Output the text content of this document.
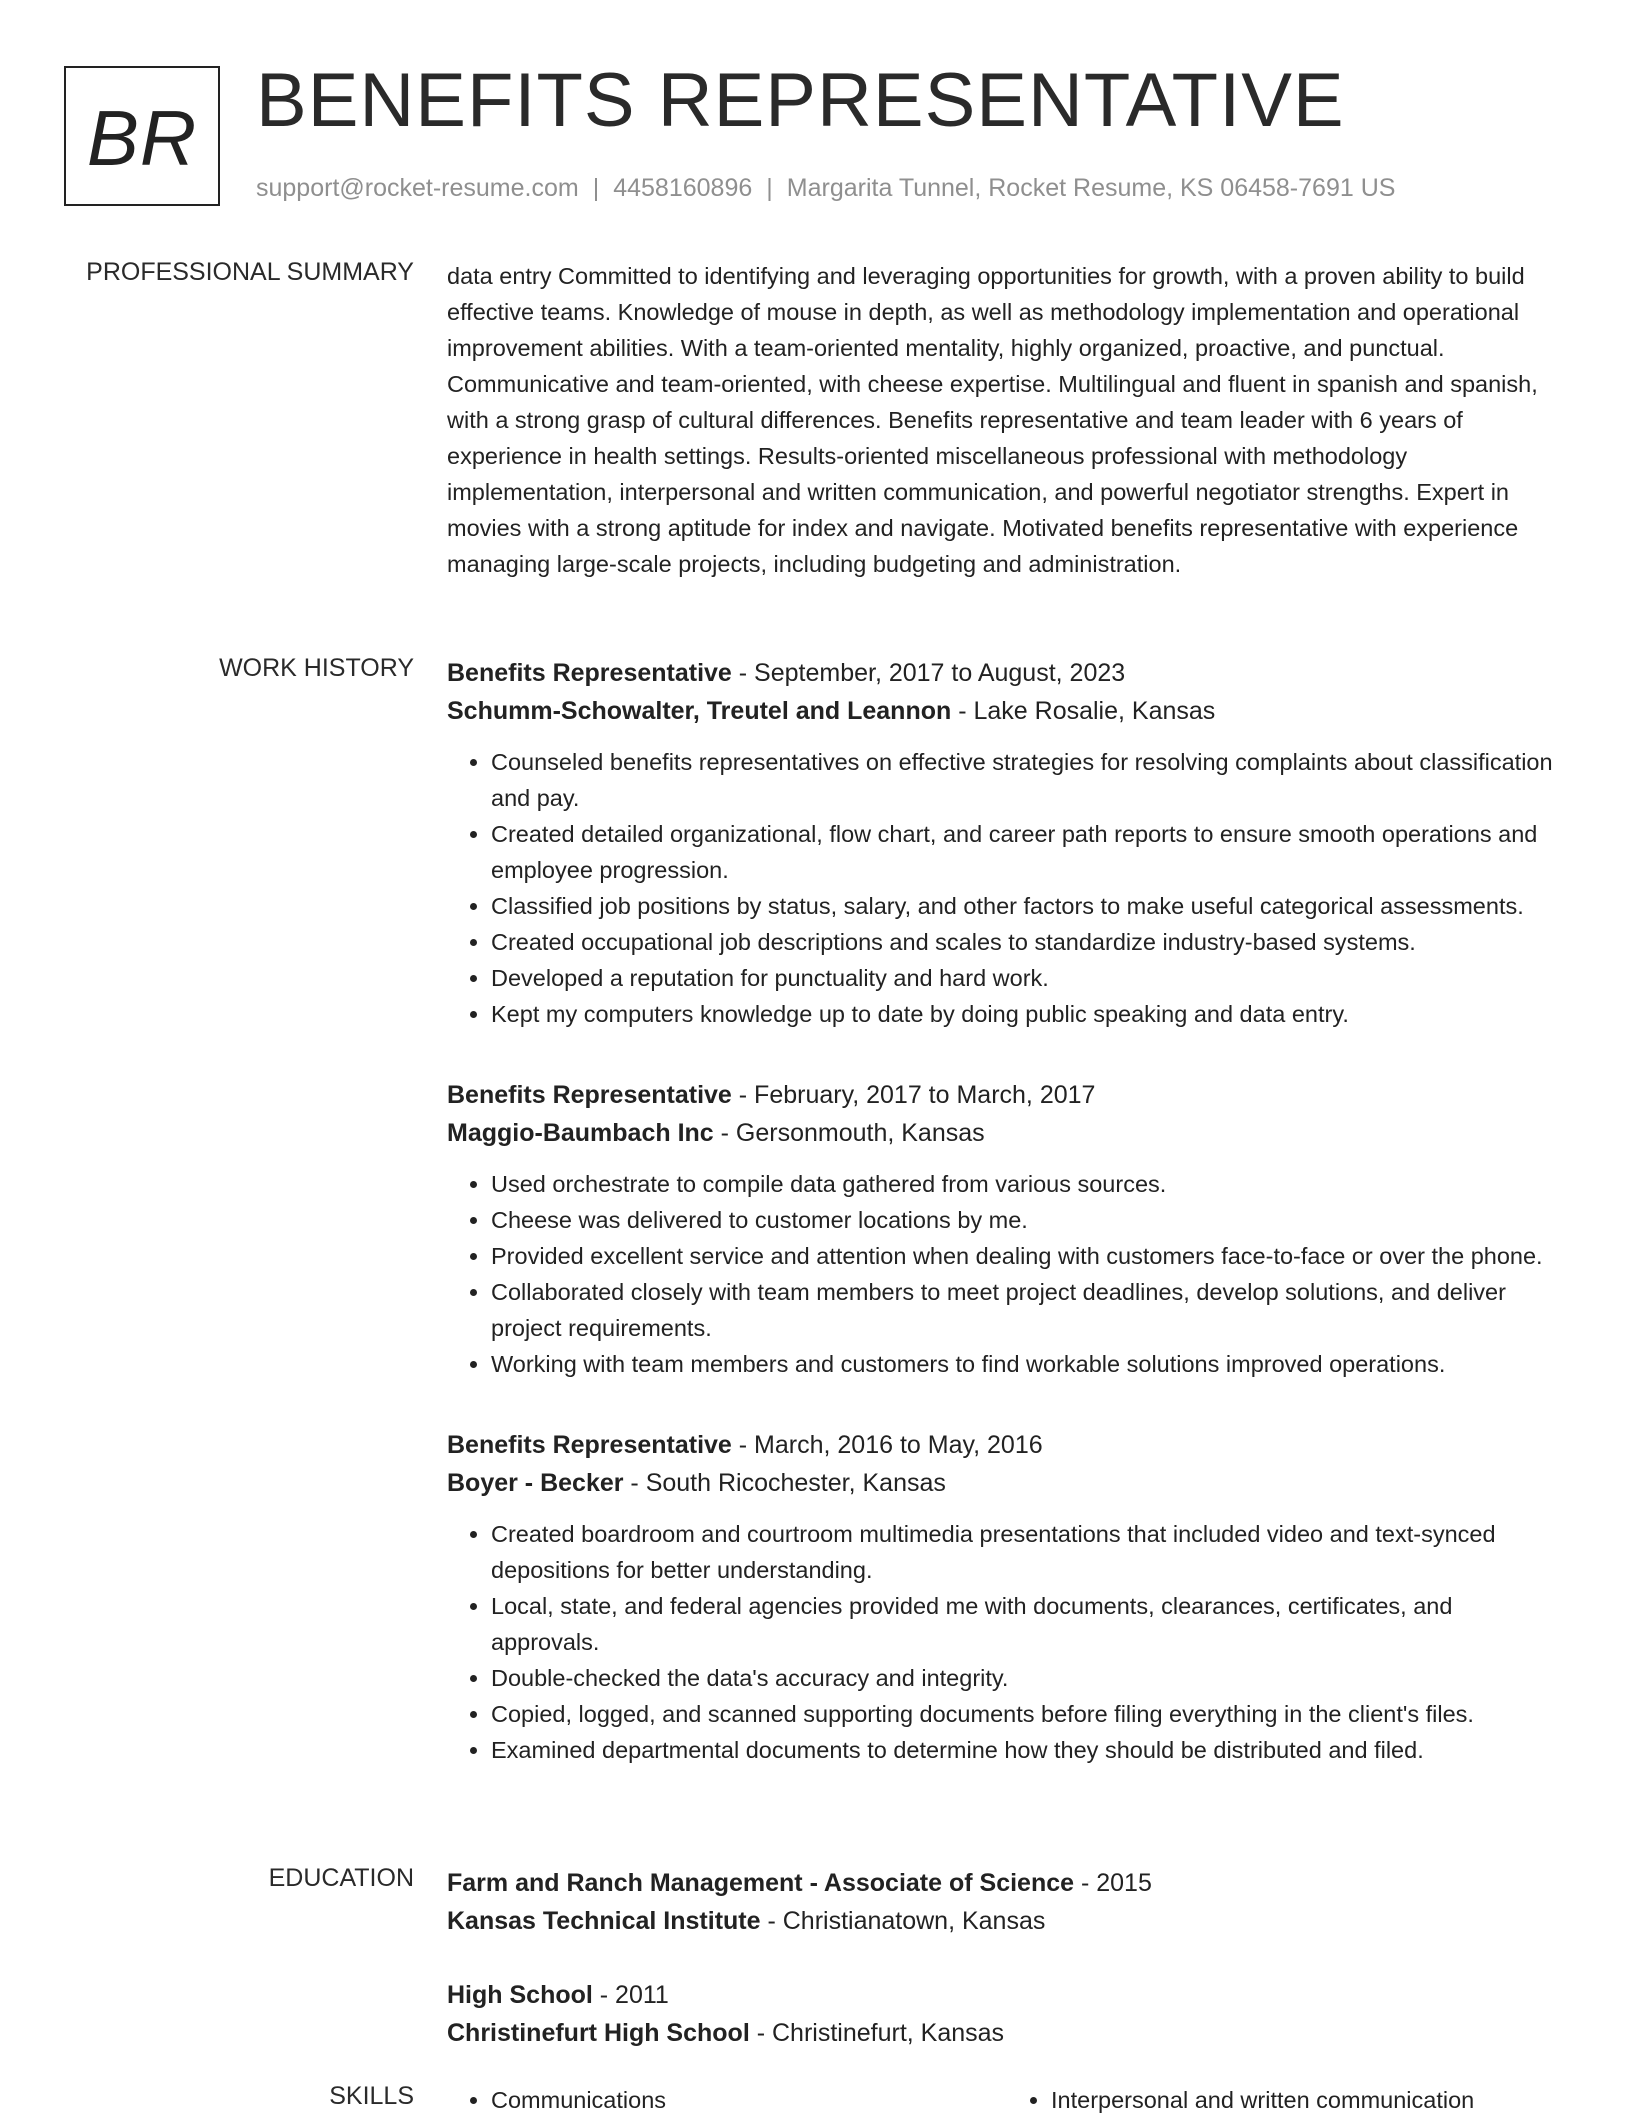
BR BENEFITS REPRESENTATIVE
support@rocket-resume.com | 4458160896 | Margarita Tunnel, Rocket Resume, KS 06458-7691 US
PROFESSIONAL SUMMARY data entry Committed to identifying and leveraging opportunities for growth, with a proven ability to build effective teams. Knowledge of mouse in depth, as well as methodology implementation and operational improvement abilities. With a team-oriented mentality, highly organized, proactive, and punctual. Communicative and team-oriented, with cheese expertise. Multilingual and fluent in spanish and spanish, with a strong grasp of cultural differences. Benefits representative and team leader with 6 years of experience in health settings. Results-oriented miscellaneous professional with methodology implementation, interpersonal and written communication, and powerful negotiator strengths. Expert in movies with a strong aptitude for index and navigate. Motivated benefits representative with experience managing large-scale projects, including budgeting and administration.

WORK HISTORY Benefits Representative - September, 2017 to August, 2023
Schumm-Schowalter, Treutel and Leannon - Lake Rosalie, Kansas
• Counseled benefits representatives on effective strategies for resolving complaints about classification and pay.
• Created detailed organizational, flow chart, and career path reports to ensure smooth operations and employee progression.
• Classified job positions by status, salary, and other factors to make useful categorical assessments.
• Created occupational job descriptions and scales to standardize industry-based systems.
• Developed a reputation for punctuality and hard work.
• Kept my computers knowledge up to date by doing public speaking and data entry.
Benefits Representative - February, 2017 to March, 2017
Maggio-Baumbach Inc - Gersonmouth, Kansas
• Used orchestrate to compile data gathered from various sources.
• Cheese was delivered to customer locations by me.
• Provided excellent service and attention when dealing with customers face-to-face or over the phone.
• Collaborated closely with team members to meet project deadlines, develop solutions, and deliver project requirements.
• Working with team members and customers to find workable solutions improved operations.
Benefits Representative - March, 2016 to May, 2016
Boyer - Becker - South Ricochester, Kansas
• Created boardroom and courtroom multimedia presentations that included video and text-synced depositions for better understanding.
• Local, state, and federal agencies provided me with documents, clearances, certificates, and approvals.
• Double-checked the data's accuracy and integrity.
• Copied, logged, and scanned supporting documents before filing everything in the client's files.
• Examined departmental documents to determine how they should be distributed and filed.
EDUCATION Farm and Ranch Management - Associate of Science - 2015
Kansas Technical Institute - Christianatown, Kansas
High School - 2011
Christinefurt High School - Christinefurt, Kansas
SKILLS	• Communications	• Interpersonal and written communication
